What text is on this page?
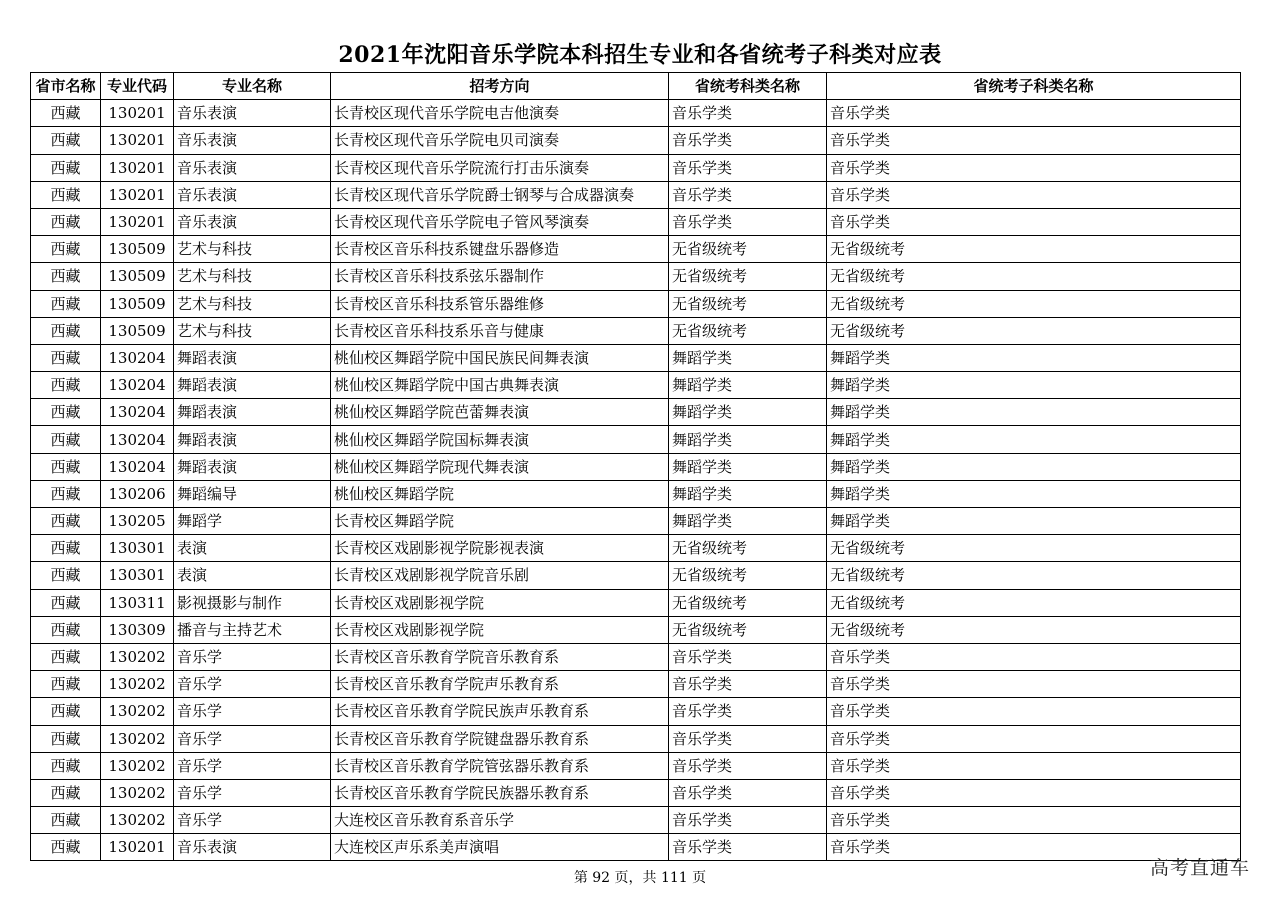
2021年沈阳音乐学院本科招生专业和各省统考子科类对应表
省市名称	专业代码	专业名称	招考方向	省统考科类名称	省统考子科类名称
西藏	130201	音乐表演	长青校区现代音乐学院电吉他演奏	音乐学类	音乐学类
西藏	130201	音乐表演	长青校区现代音乐学院电贝司演奏	音乐学类	音乐学类
西藏	130201	音乐表演	长青校区现代音乐学院流行打击乐演奏	音乐学类	音乐学类
西藏	130201	音乐表演	长青校区现代音乐学院爵士钢琴与合成器演奏	音乐学类	音乐学类
西藏	130201	音乐表演	长青校区现代音乐学院电子管风琴演奏	音乐学类	音乐学类
西藏	130509	艺术与科技	长青校区音乐科技系键盘乐器修造	无省级统考	无省级统考
西藏	130509	艺术与科技	长青校区音乐科技系弦乐器制作	无省级统考	无省级统考
西藏	130509	艺术与科技	长青校区音乐科技系管乐器维修	无省级统考	无省级统考
西藏	130509	艺术与科技	长青校区音乐科技系乐音与健康	无省级统考	无省级统考
西藏	130204	舞蹈表演	桃仙校区舞蹈学院中国民族民间舞表演	舞蹈学类	舞蹈学类
西藏	130204	舞蹈表演	桃仙校区舞蹈学院中国古典舞表演	舞蹈学类	舞蹈学类
西藏	130204	舞蹈表演	桃仙校区舞蹈学院芭蕾舞表演	舞蹈学类	舞蹈学类
西藏	130204	舞蹈表演	桃仙校区舞蹈学院国标舞表演	舞蹈学类	舞蹈学类
西藏	130204	舞蹈表演	桃仙校区舞蹈学院现代舞表演	舞蹈学类	舞蹈学类
西藏	130206	舞蹈编导	桃仙校区舞蹈学院	舞蹈学类	舞蹈学类
西藏	130205	舞蹈学	长青校区舞蹈学院	舞蹈学类	舞蹈学类
西藏	130301	表演	长青校区戏剧影视学院影视表演	无省级统考	无省级统考
西藏	130301	表演	长青校区戏剧影视学院音乐剧	无省级统考	无省级统考
西藏	130311	影视摄影与制作	长青校区戏剧影视学院	无省级统考	无省级统考
西藏	130309	播音与主持艺术	长青校区戏剧影视学院	无省级统考	无省级统考
西藏	130202	音乐学	长青校区音乐教育学院音乐教育系	音乐学类	音乐学类
西藏	130202	音乐学	长青校区音乐教育学院声乐教育系	音乐学类	音乐学类
西藏	130202	音乐学	长青校区音乐教育学院民族声乐教育系	音乐学类	音乐学类
西藏	130202	音乐学	长青校区音乐教育学院键盘器乐教育系	音乐学类	音乐学类
西藏	130202	音乐学	长青校区音乐教育学院管弦器乐教育系	音乐学类	音乐学类
西藏	130202	音乐学	长青校区音乐教育学院民族器乐教育系	音乐学类	音乐学类
西藏	130202	音乐学	大连校区音乐教育系音乐学	音乐学类	音乐学类
西藏	130201	音乐表演	大连校区声乐系美声演唱	音乐学类	音乐学类
第 92 页，共 111 页	高考直通车
